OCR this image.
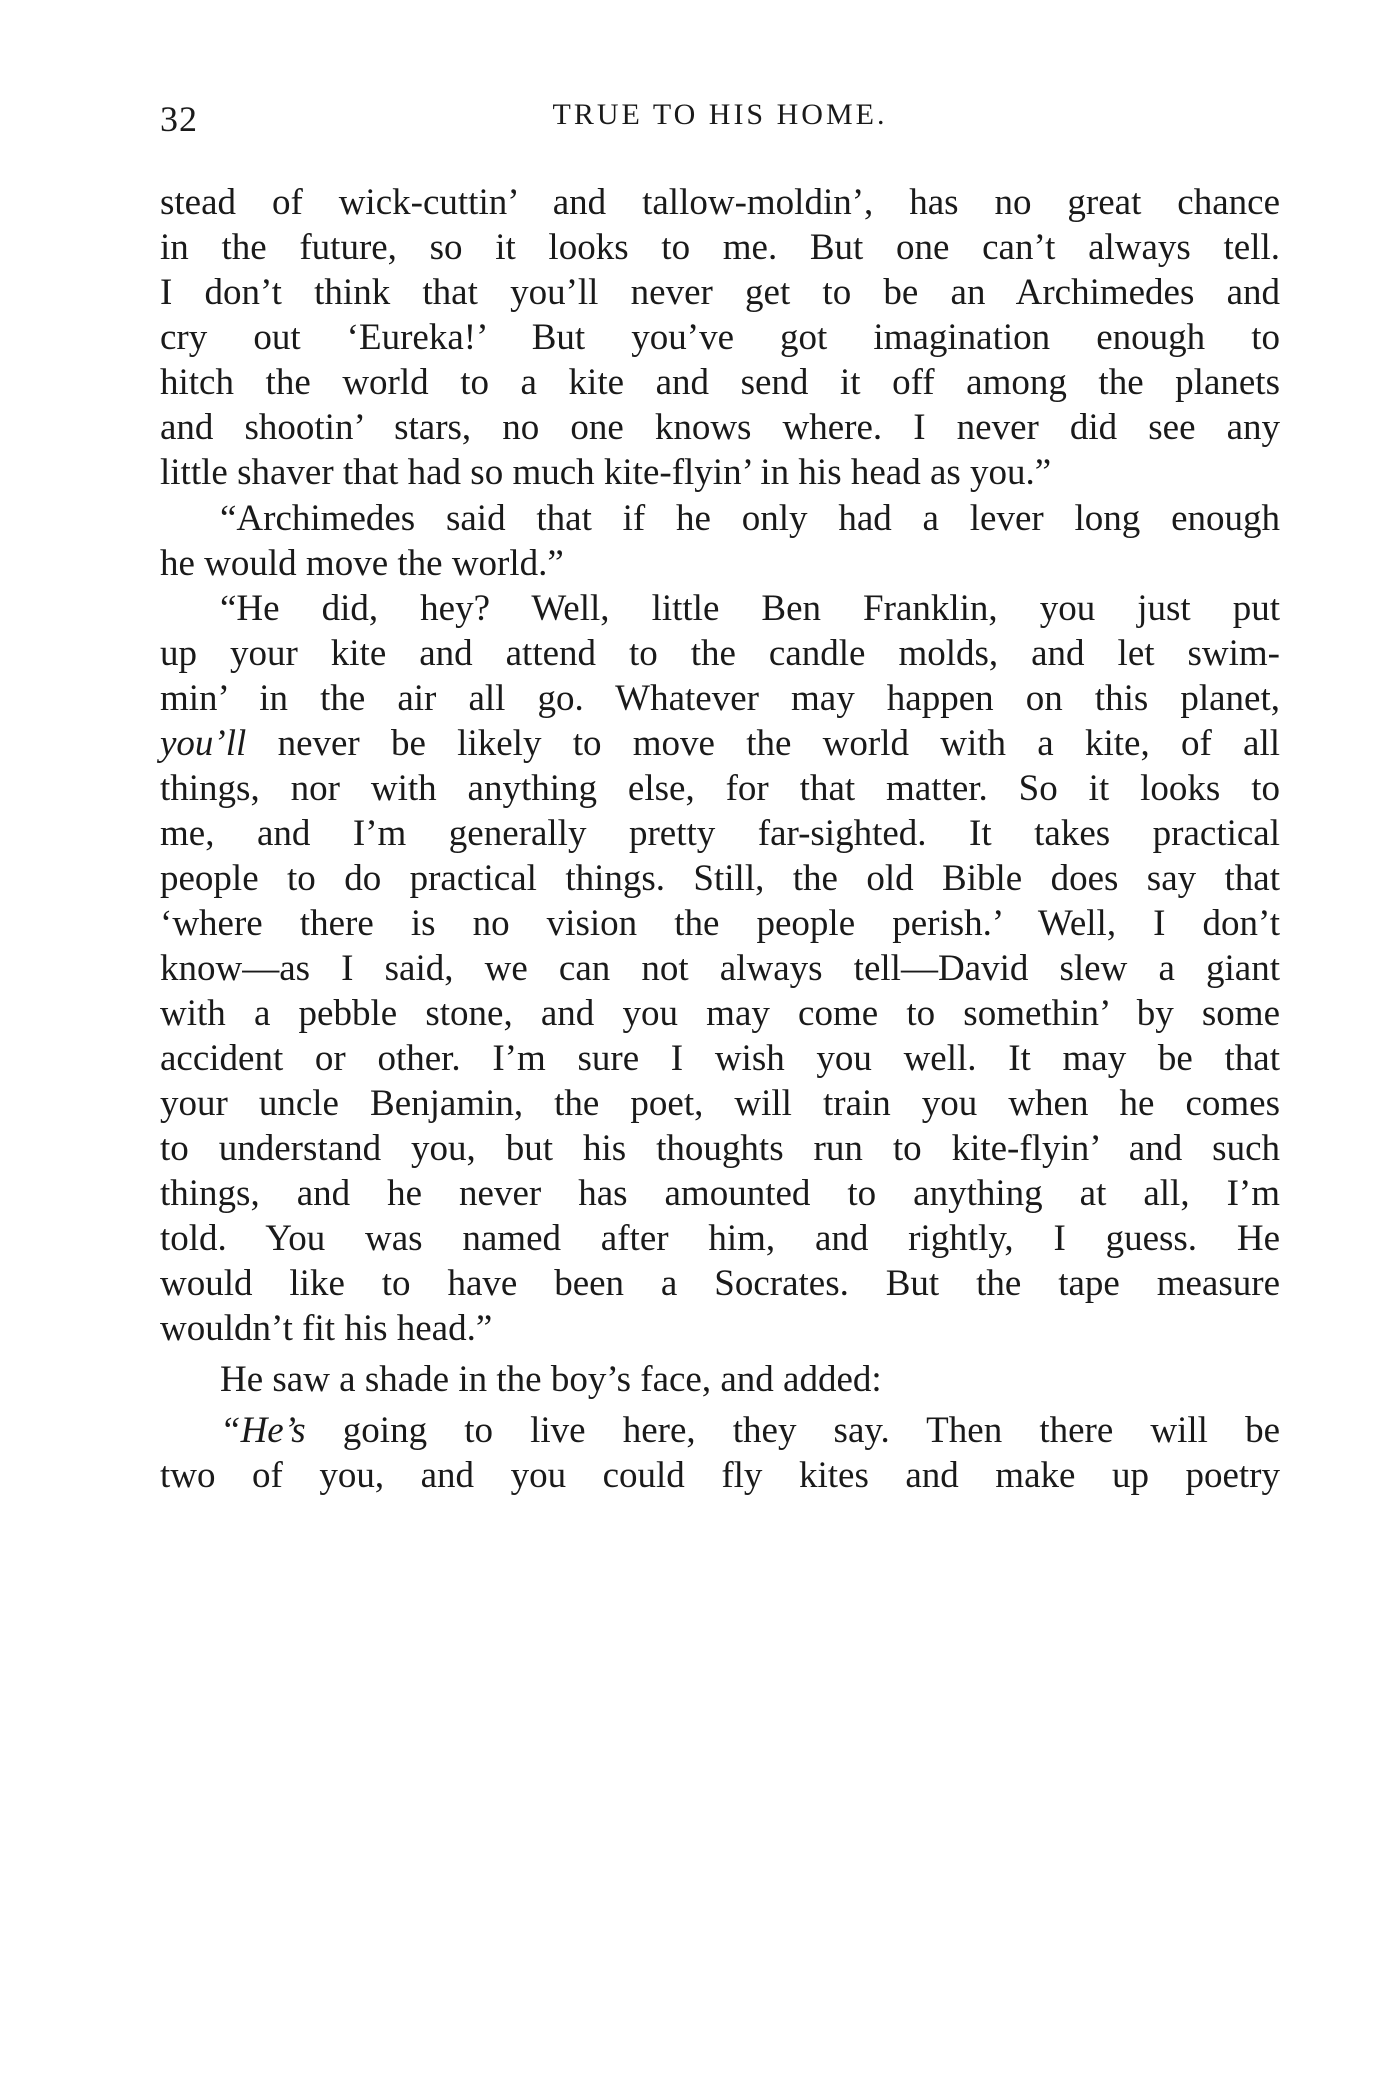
32	TRUE TO HIS HOME.
stead of wick-cuttin’ and tallow-moldin’, has no great chance
in the future, so it looks to me. But one can’t always tell.
I don’t think that you’ll never get to be an Archimedes and
cry out ‘Eureka!’ But you’ve got imagination enough to
hitch the world to a kite and send it off among the planets
and shootin’ stars, no one knows where. I never did see any
little shaver that had so much kite-flyin’ in his head as you.”
“Archimedes said that if he only had a lever long enough
he would move the world.”
“He did, hey? Well, little Ben Franklin, you just put
up your kite and attend to the candle molds, and let swim-
min’ in the air all go. Whatever may happen on this planet,
you’ll never be likely to move the world with a kite, of all
things, nor with anything else, for that matter. So it looks to
me, and I’m generally pretty far-sighted. It takes practical
people to do practical things. Still, the old Bible does say that
‘where there is no vision the people perish.’ Well, I don’t
know—as I said, we can not always tell—David slew a giant
with a pebble stone, and you may come to somethin’ by some
accident or other. I’m sure I wish you well. It may be that
your uncle Benjamin, the poet, will train you when he comes
to understand you, but his thoughts run to kite-flyin’ and such
things, and he never has amounted to anything at all, I’m
told. You was named after him, and rightly, I guess. He
would like to have been a Socrates. But the tape measure
wouldn’t fit his head.”
He saw a shade in the boy’s face, and added:
“He’s going to live here, they say. Then there will be
two of you, and you could fly kites and make up poetry
